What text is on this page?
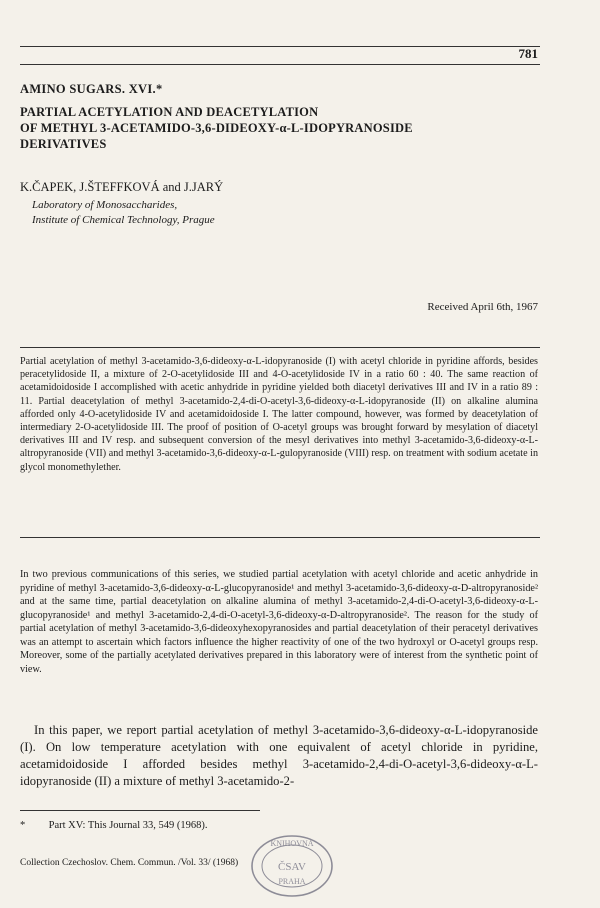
781
AMINO SUGARS. XVI.*
PARTIAL ACETYLATION AND DEACETYLATION
OF METHYL 3-ACETAMIDO-3,6-DIDEOXY-α-L-IDOPYRANOSIDE
DERIVATIVES
K.ČAPEK, J.ŠTEFFKOVÁ and J.JARÝ
Laboratory of Monosaccharides,
Institute of Chemical Technology, Prague
Received April 6th, 1967

Partial acetylation of methyl 3-acetamido-3,6-dideoxy-α-L-idopyranoside (I) with acetyl chloride in pyridine affords, besides peracetylidoside II, a mixture of 2-O-acetylidoside III and 4-O-acetylidoside IV in a ratio 60 : 40. The same reaction of acetamidoidoside I accomplished with acetic anhydride in pyridine yielded both diacetyl derivatives III and IV in a ratio 89 : 11. Partial deacetylation of methyl 3-acetamido-2,4-di-O-acetyl-3,6-dideoxy-α-L-idopyranoside (II) on alkaline alumina afforded only 4-O-acetylidoside IV and acetamidoidoside I. The latter compound, however, was formed by deacetylation of intermediary 2-O-acetylidoside III. The proof of position of O-acetyl groups was brought forward by mesylation of diacetyl derivatives III and IV resp. and subsequent conversion of the mesyl derivatives into methyl 3-acetamido-3,6-dideoxy-α-L-altropyranoside (VII) and methyl 3-acetamido-3,6-dideoxy-α-L-gulopyranoside (VIII) resp. on treatment with sodium acetate in glycol monomethylether.

In two previous communications of this series, we studied partial acetylation with acetyl chloride and acetic anhydride in pyridine of methyl 3-acetamido-3,6-dideoxy-α-L-glucopyranoside¹ and methyl 3-acetamido-3,6-dideoxy-α-D-altropyranoside² and at the same time, partial deacetylation on alkaline alumina of methyl 3-acetamido-2,4-di-O-acetyl-3,6-dideoxy-α-L-glucopyranoside¹ and methyl 3-acetamido-2,4-di-O-acetyl-3,6-dideoxy-α-D-altropyranoside². The reason for the study of partial acetylation of methyl 3-acetamido-3,6-dideoxyhexopyranosides and partial deacetylation of their peracetyl derivatives was an attempt to ascertain which factors influence the higher reactivity of one of the two hydroxyl or O-acetyl groups resp. Moreover, some of the partially acetylated derivatives prepared in this laboratory were of interest from the synthetic point of view.

In this paper, we report partial acetylation of methyl 3-acetamido-3,6-dideoxy-α-L-idopyranoside (I). On low temperature acetylation with one equivalent of acetyl chloride in pyridine, acetamidoidoside I afforded besides methyl 3-acetamido-2,4-di-O-acetyl-3,6-dideoxy-α-L-idopyranoside (II) a mixture of methyl 3-acetamido-2-

* Part XV: This Journal 33, 549 (1968).
Collection Czechoslov. Chem. Commun. /Vol. 33/ (1968)
KNIHOVNA
ČSAV
PRAHA
